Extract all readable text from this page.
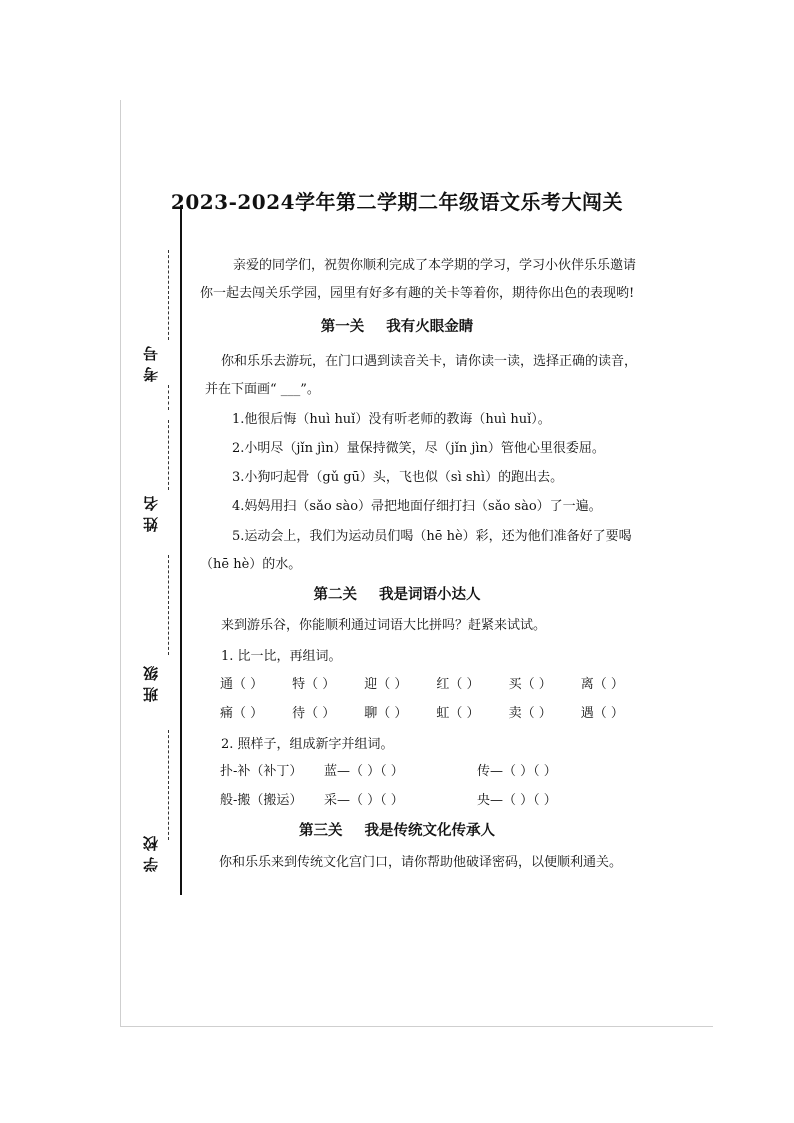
考号
姓名
班级
学校
2023-2024学年第二学期二年级语文乐考大闯关
亲爱的同学们，祝贺你顺利完成了本学期的学习，学习小伙伴乐乐邀请
你一起去闯关乐学园，园里有好多有趣的关卡等着你，期待你出色的表现哟!
第一关 我有火眼金睛
你和乐乐去游玩，在门口遇到读音关卡，请你读一读，选择正确的读音，
并在下面画“ ___”。
1.他很后悔（huì huǐ）没有听老师的教诲（huì huǐ）。
2.小明尽（jǐn jìn）量保持微笑，尽（jǐn jìn）管他心里很委屈。
3.小狗叼起骨（gǔ gū）头，飞也似（sì shì）的跑出去。
4.妈妈用扫（sǎo sào）帚把地面仔细打扫（sǎo sào）了一遍。
5.运动会上，我们为运动员们喝（hē hè）彩，还为他们准备好了要喝
（hē hè）的水。
第二关 我是词语小达人
来到游乐谷，你能顺利通过词语大比拼吗？赶紧来试试。
1. 比一比，再组词。
通（ ） 特（ ） 迎（ ） 红（ ） 买（ ） 离（ ）
痛（ ） 待（ ） 聊（ ） 虹（ ） 卖（ ） 遇（ ）
2. 照样子，组成新字并组词。
扑-补（补丁） 蓝—（ ）（ ）	传—（ ）（ ）
般-搬（搬运） 采—（ ）（ ）	央—（ ）（ ）
第三关 我是传统文化传承人
你和乐乐来到传统文化宫门口，请你帮助他破译密码，以便顺利通关。
